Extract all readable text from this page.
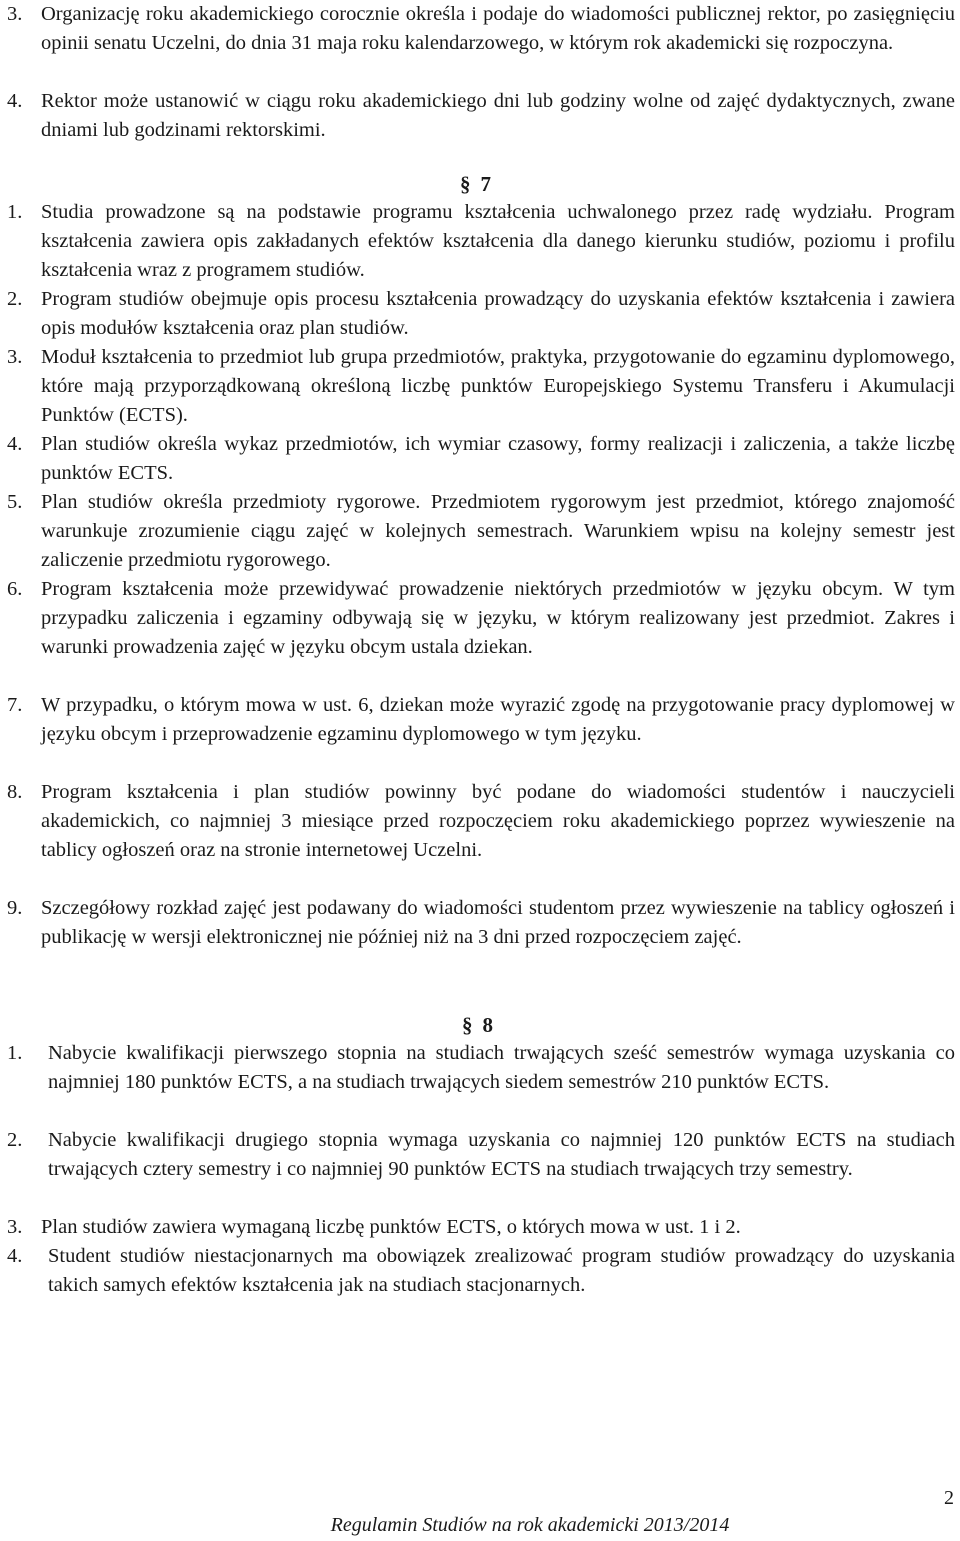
3. Organizację roku akademickiego corocznie określa i podaje do wiadomości publicznej rektor, po zasięgnięciu opinii senatu Uczelni, do dnia 31 maja roku kalendarzowego, w którym rok akademicki się rozpoczyna.
4. Rektor może ustanowić w ciągu roku akademickiego dni lub godziny wolne od zajęć dydaktycznych, zwane dniami lub godzinami rektorskimi.
§ 7
1. Studia prowadzone są na podstawie programu kształcenia uchwalonego przez radę wydziału. Program kształcenia zawiera opis zakładanych efektów kształcenia dla danego kierunku studiów, poziomu i profilu kształcenia wraz z programem studiów.
2. Program studiów obejmuje opis procesu kształcenia prowadzący do uzyskania efektów kształcenia i zawiera opis modułów kształcenia oraz plan studiów.
3. Moduł kształcenia to przedmiot lub grupa przedmiotów, praktyka, przygotowanie do egzaminu dyplomowego, które mają przyporządkowaną określoną liczbę punktów Europejskiego Systemu Transferu i Akumulacji Punktów (ECTS).
4. Plan studiów określa wykaz przedmiotów, ich wymiar czasowy, formy realizacji i zaliczenia, a także liczbę punktów ECTS.
5. Plan studiów określa przedmioty rygorowe. Przedmiotem rygorowym jest przedmiot, którego znajomość warunkuje zrozumienie ciągu zajęć w kolejnych semestrach. Warunkiem wpisu na kolejny semestr jest zaliczenie przedmiotu rygorowego.
6. Program kształcenia może przewidywać prowadzenie niektórych przedmiotów w języku obcym. W tym przypadku zaliczenia i egzaminy odbywają się w języku, w którym realizowany jest przedmiot. Zakres i warunki prowadzenia zajęć w języku obcym ustala dziekan.
7. W przypadku, o którym mowa w ust. 6, dziekan może wyrazić zgodę na przygotowanie pracy dyplomowej w języku obcym i przeprowadzenie egzaminu dyplomowego w tym języku.
8. Program kształcenia i plan studiów powinny być podane do wiadomości studentów i nauczycieli akademickich, co najmniej 3 miesiące przed rozpoczęciem roku akademickiego poprzez wywieszenie na tablicy ogłoszeń oraz na stronie internetowej Uczelni.
9. Szczegółowy rozkład zajęć jest podawany do wiadomości studentom przez wywieszenie na tablicy ogłoszeń i publikację w wersji elektronicznej nie później niż na 3 dni przed rozpoczęciem zajęć.
§ 8
1. Nabycie kwalifikacji pierwszego stopnia na studiach trwających sześć semestrów wymaga uzyskania co najmniej 180 punktów ECTS, a na studiach trwających siedem semestrów 210 punktów ECTS.
2. Nabycie kwalifikacji drugiego stopnia wymaga uzyskania co najmniej 120 punktów ECTS na studiach trwających cztery semestry i co najmniej 90 punktów ECTS na studiach trwających trzy semestry.
3. Plan studiów zawiera wymaganą liczbę punktów ECTS, o których mowa w ust. 1 i 2.
4. Student studiów niestacjonarnych ma obowiązek zrealizować program studiów prowadzący do uzyskania takich samych efektów kształcenia jak na studiach stacjonarnych.
2
Regulamin Studiów na rok akademicki 2013/2014
